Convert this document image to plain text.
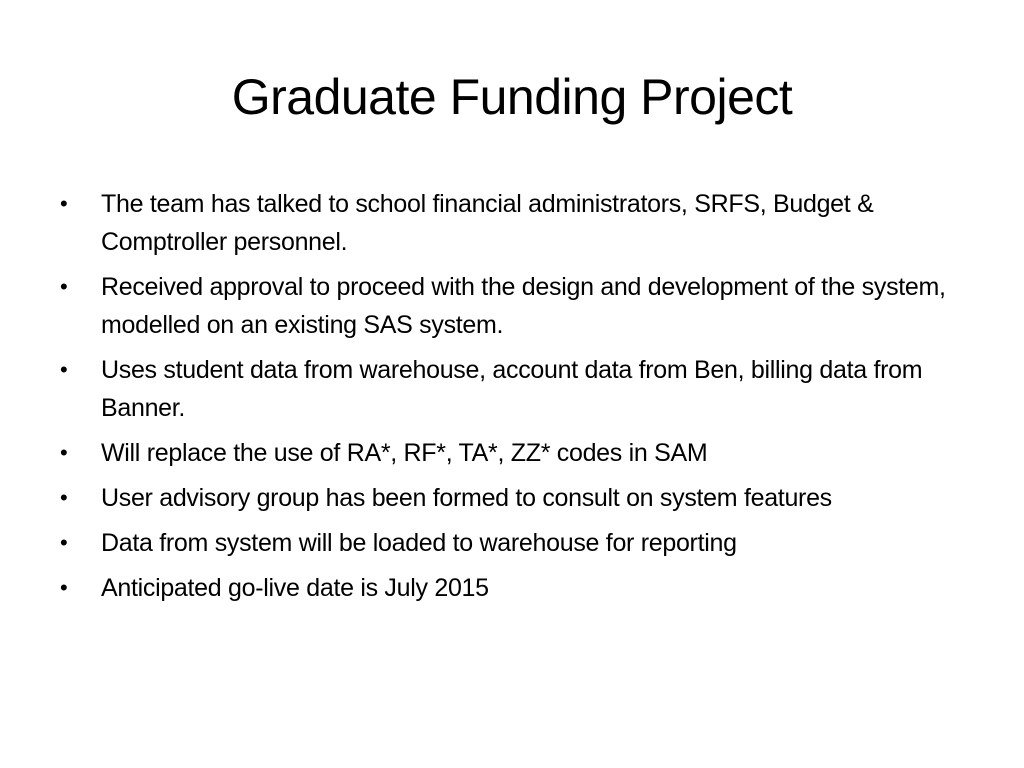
Graduate Funding Project
•	The team has talked to school financial administrators, SRFS, Budget & Comptroller personnel.
•	Received approval to proceed with the design and development of the system, modelled on an existing SAS system.
•	Uses student data from warehouse, account data from Ben, billing data from Banner.
•	Will replace the use of RA*, RF*, TA*, ZZ* codes in SAM
•	User advisory group has been formed to consult on system features
•	Data from system will be loaded to warehouse for reporting
•	Anticipated go-live date is July 2015
